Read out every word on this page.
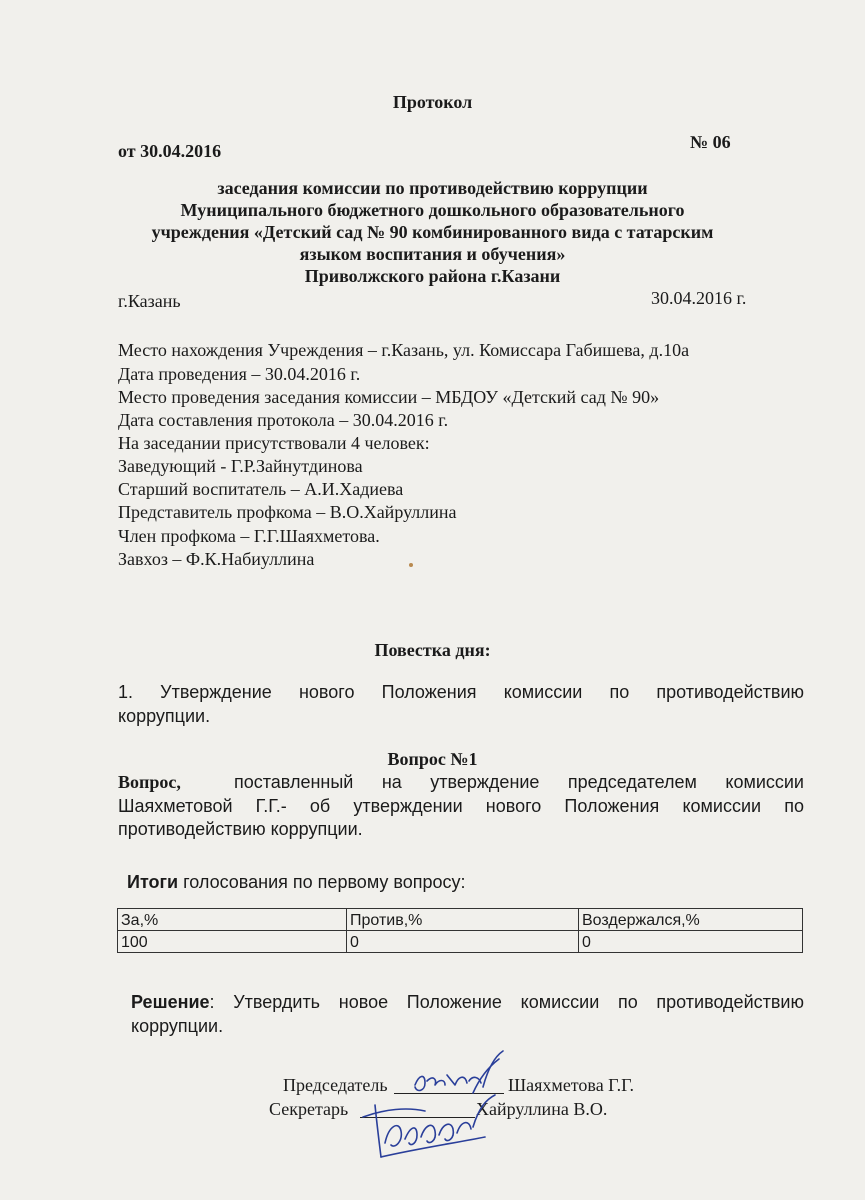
Протокол
от 30.04.2016	№ 06
заседания комиссии по противодействию коррупции
Муниципального бюджетного дошкольного образовательного
учреждения «Детский сад № 90 комбинированного вида с татарским
языком воспитания и обучения»
Приволжского района г.Казани
г.Казань	30.04.2016 г.
Место нахождения Учреждения – г.Казань, ул. Комиссара Габишева, д.10а
Дата проведения – 30.04.2016 г.
Место проведения заседания комиссии – МБДОУ «Детский сад № 90»
Дата составления протокола – 30.04.2016 г.
На заседании присутствовали 4 человек:
Заведующий - Г.Р.Зайнутдинова
Старший воспитатель – А.И.Хадиева
Представитель профкома – В.О.Хайруллина
Член профкома – Г.Г.Шаяхметова.
Завхоз – Ф.К.Набиуллина
Повестка дня:
1. Утверждение нового Положения комиссии по противодействию
коррупции.
Вопрос №1
Вопрос,	поставленный на утверждение председателем комиссии
Шаяхметовой Г.Г.- об утверждении нового Положения комиссии по
противодействию коррупции.
Итоги голосования по первому вопросу:
За,%	Против,%	Воздержался,%
100	0	0
Решение: Утвердить новое Положение комиссии по противодействию
коррупции.
Председатель	Шаяхметова Г.Г.
Секретарь	Хайруллина В.О.
